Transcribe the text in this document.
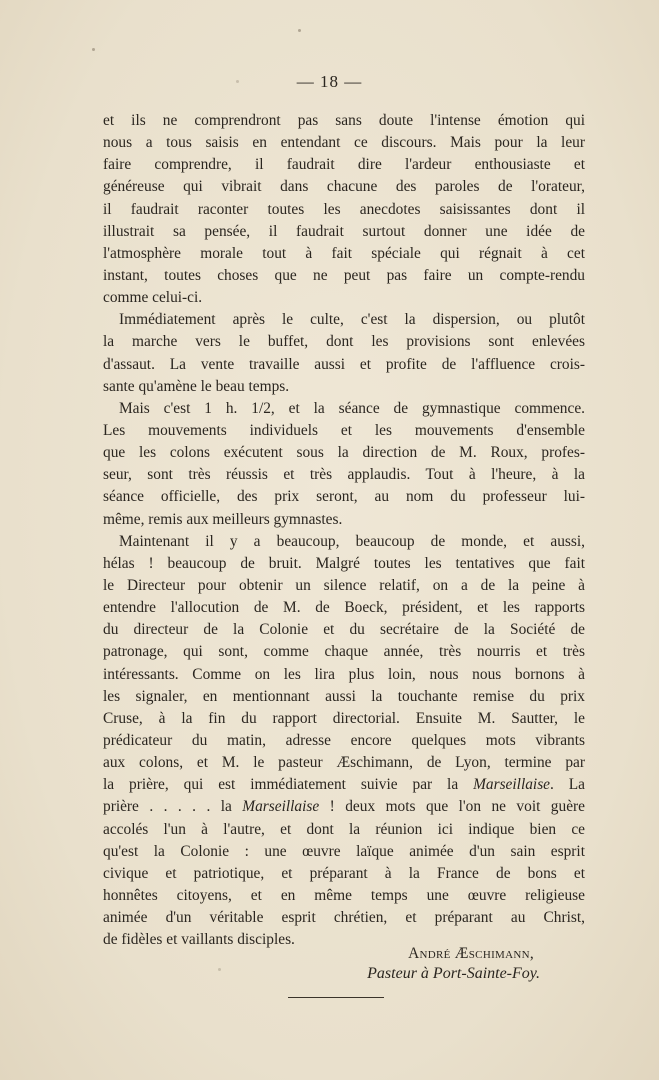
— 18 —
et ils ne comprendront pas sans doute l'intense émotion qui
nous a tous saisis en entendant ce discours. Mais pour la leur
faire comprendre, il faudrait dire l'ardeur enthousiaste et
généreuse qui vibrait dans chacune des paroles de l'orateur,
il faudrait raconter toutes les anecdotes saisissantes dont il
illustrait sa pensée, il faudrait surtout donner une idée de
l'atmosphère morale tout à fait spéciale qui régnait à cet
instant, toutes choses que ne peut pas faire un compte-rendu
comme celui-ci.
Immédiatement après le culte, c'est la dispersion, ou plutôt
la marche vers le buffet, dont les provisions sont enlevées
d'assaut. La vente travaille aussi et profite de l'affluence crois-
sante qu'amène le beau temps.
Mais c'est 1 h. 1/2, et la séance de gymnastique commence.
Les mouvements individuels et les mouvements d'ensemble
que les colons exécutent sous la direction de M. Roux, profes-
seur, sont très réussis et très applaudis. Tout à l'heure, à la
séance officielle, des prix seront, au nom du professeur lui-
même, remis aux meilleurs gymnastes.
Maintenant il y a beaucoup, beaucoup de monde, et aussi,
hélas ! beaucoup de bruit. Malgré toutes les tentatives que fait
le Directeur pour obtenir un silence relatif, on a de la peine à
entendre l'allocution de M. de Boeck, président, et les rapports
du directeur de la Colonie et du secrétaire de la Société de
patronage, qui sont, comme chaque année, très nourris et très
intéressants. Comme on les lira plus loin, nous nous bornons à
les signaler, en mentionnant aussi la touchante remise du prix
Cruse, à la fin du rapport directorial. Ensuite M. Sautter, le
prédicateur du matin, adresse encore quelques mots vibrants
aux colons, et M. le pasteur Æschimann, de Lyon, termine par
la prière, qui est immédiatement suivie par la Marseillaise. La
prière . . . . . la Marseillaise ! deux mots que l'on ne voit guère
accolés l'un à l'autre, et dont la réunion ici indique bien ce
qu'est la Colonie : une œuvre laïque animée d'un sain esprit
civique et patriotique, et préparant à la France de bons et
honnêtes citoyens, et en même temps une œuvre religieuse
animée d'un véritable esprit chrétien, et préparant au Christ,
de fidèles et vaillants disciples.
André Æschimann,
Pasteur à Port-Sainte-Foy.
